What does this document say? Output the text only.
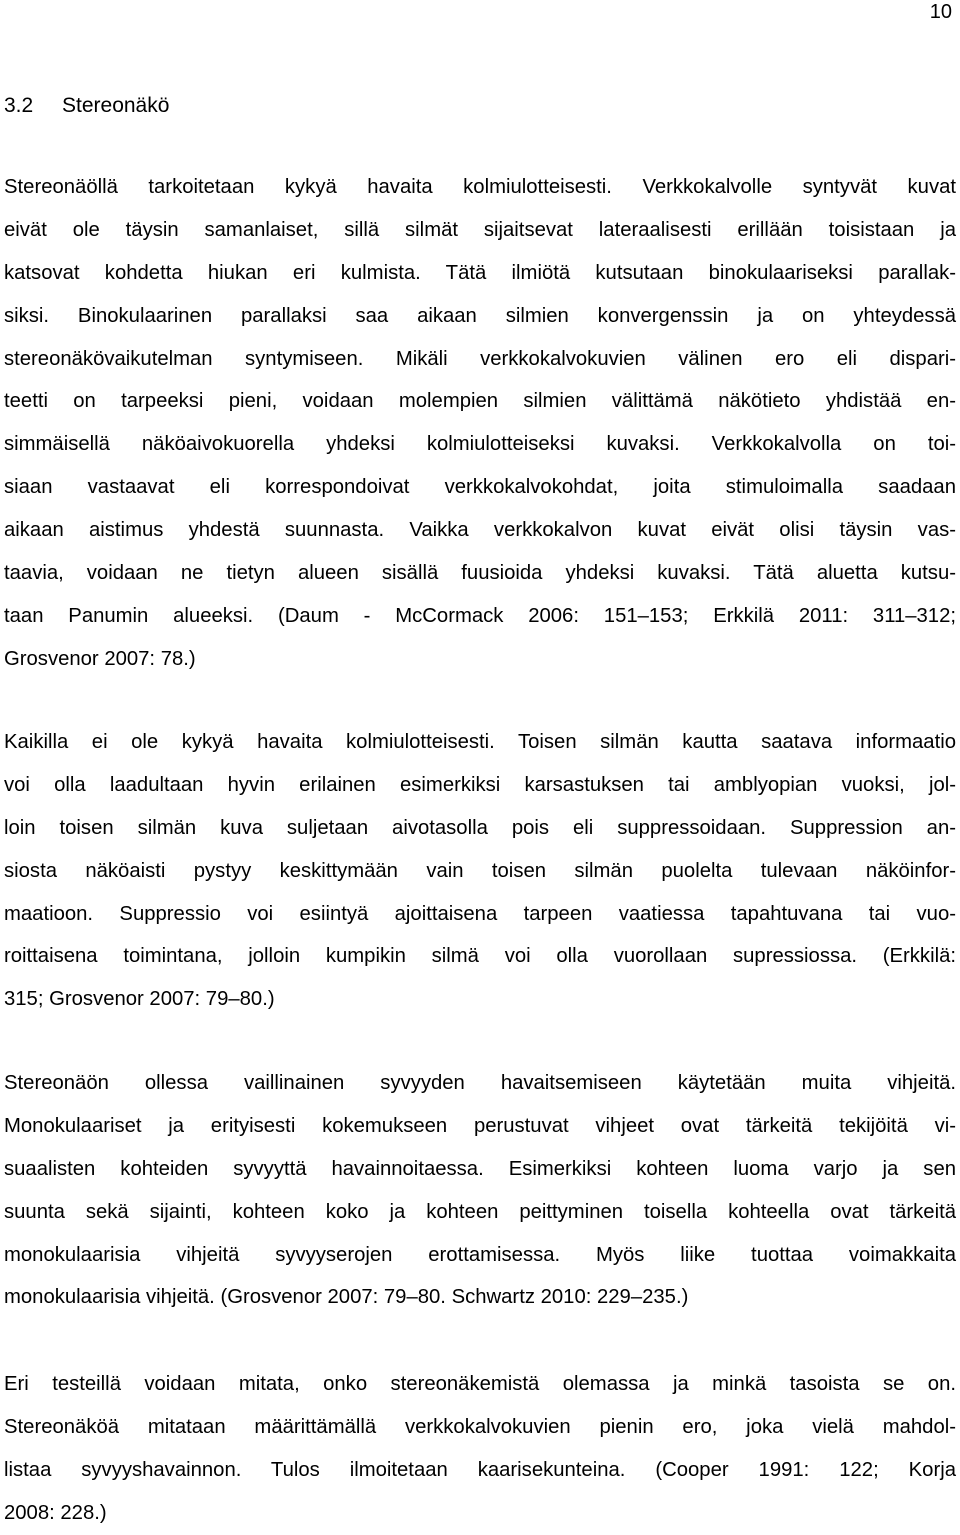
10
3.2 Stereonäkö

Stereonäöllä tarkoitetaan kykyä havaita kolmiulotteisesti. Verkkokalvolle syntyvät kuvat
eivät ole täysin samanlaiset, sillä silmät sijaitsevat lateraalisesti erillään toisistaan ja
katsovat kohdetta hiukan eri kulmista. Tätä ilmiötä kutsutaan binokulaariseksi parallak-
siksi. Binokulaarinen parallaksi saa aikaan silmien konvergenssin ja on yhteydessä
stereonäkövaikutelman syntymiseen. Mikäli verkkokalvokuvien välinen ero eli dispari-
teetti on tarpeeksi pieni, voidaan molempien silmien välittämä näkötieto yhdistää en-
simmäisellä näköaivokuorella yhdeksi kolmiulotteiseksi kuvaksi. Verkkokalvolla on toi-
siaan vastaavat eli korrespondoivat verkkokalvokohdat, joita stimuloimalla saadaan
aikaan aistimus yhdestä suunnasta. Vaikka verkkokalvon kuvat eivät olisi täysin vas-
taavia, voidaan ne tietyn alueen sisällä fuusioida yhdeksi kuvaksi. Tätä aluetta kutsu-
taan Panumin alueeksi. (Daum - McCormack 2006: 151–153; Erkkilä 2011: 311–312;
Grosvenor 2007: 78.)

Kaikilla ei ole kykyä havaita kolmiulotteisesti. Toisen silmän kautta saatava informaatio
voi olla laadultaan hyvin erilainen esimerkiksi karsastuksen tai amblyopian vuoksi, jol-
loin toisen silmän kuva suljetaan aivotasolla pois eli suppressoidaan. Suppression an-
siosta näköaisti pystyy keskittymään vain toisen silmän puolelta tulevaan näköinfor-
maatioon. Suppressio voi esiintyä ajoittaisena tarpeen vaatiessa tapahtuvana tai vuo-
roittaisena toimintana, jolloin kumpikin silmä voi olla vuorollaan supressiossa. (Erkkilä:
315; Grosvenor 2007: 79–80.)

Stereonäön ollessa vaillinainen syvyyden havaitsemiseen käytetään muita vihjeitä.
Monokulaariset ja erityisesti kokemukseen perustuvat vihjeet ovat tärkeitä tekijöitä vi-
suaalisten kohteiden syvyyttä havainnoitaessa. Esimerkiksi kohteen luoma varjo ja sen
suunta sekä sijainti, kohteen koko ja kohteen peittyminen toisella kohteella ovat tärkeitä
monokulaarisia vihjeitä syvyyserojen erottamisessa. Myös liike tuottaa voimakkaita
monokulaarisia vihjeitä. (Grosvenor 2007: 79–80. Schwartz 2010: 229–235.)

Eri testeillä voidaan mitata, onko stereonäkemistä olemassa ja minkä tasoista se on.
Stereonäköä mitataan määrittämällä verkkokalvokuvien pienin ero, joka vielä mahdol-
listaa syvyyshavainnon. Tulos ilmoitetaan kaarisekunteina. (Cooper 1991: 122; Korja
2008: 228.)
